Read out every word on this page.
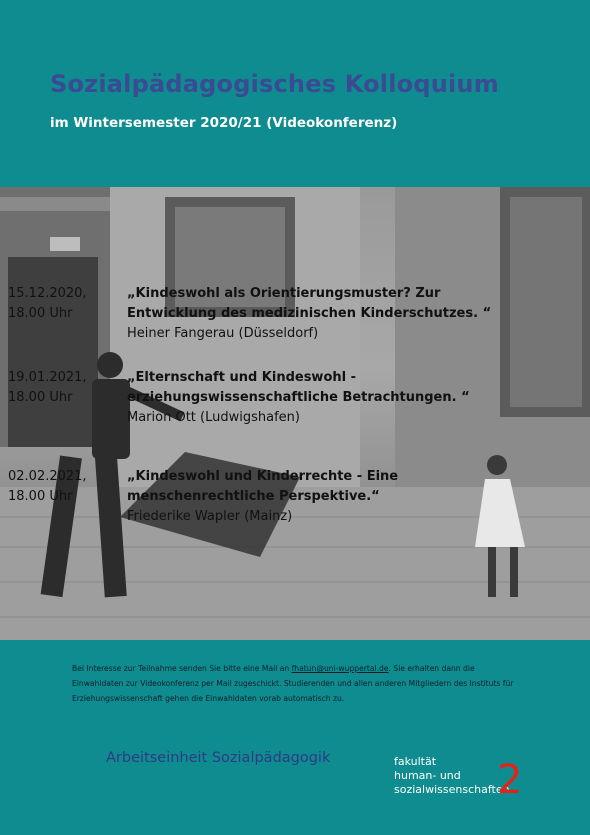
Sozialpädagogisches Kolloquium
im Wintersemester 2020/21 (Videokonferenz)
15.12.2020,
18.00 Uhr
„Kindeswohl als Orientierungsmuster? Zur
Entwicklung des medizinischen Kinderschutzes. “
Heiner Fangerau (Düsseldorf)
19.01.2021,
18.00 Uhr
„Elternschaft und Kindeswohl -
erziehungswissenschaftliche Betrachtungen. “
Marion Ott (Ludwigshafen)
02.02.2021,
18.00 Uhr
„Kindeswohl und Kinderrechte - Eine
menschenrechtliche Perspektive.“
Friederike Wapler (Mainz)
Bei Interesse zur Teilnahme senden Sie bitte eine Mail an fhatun@uni-wuppertal.de. Sie erhalten dann die Einwahldaten zur Videokonferenz per Mail zugeschickt. Studierenden und allen anderen Mitgliedern des Instituts für Erziehungswissenschaft gehen die Einwahldaten vorab automatisch zu.
Arbeitseinheit Sozialpädagogik	fakultät
human- und
sozialwissenschaften
2
